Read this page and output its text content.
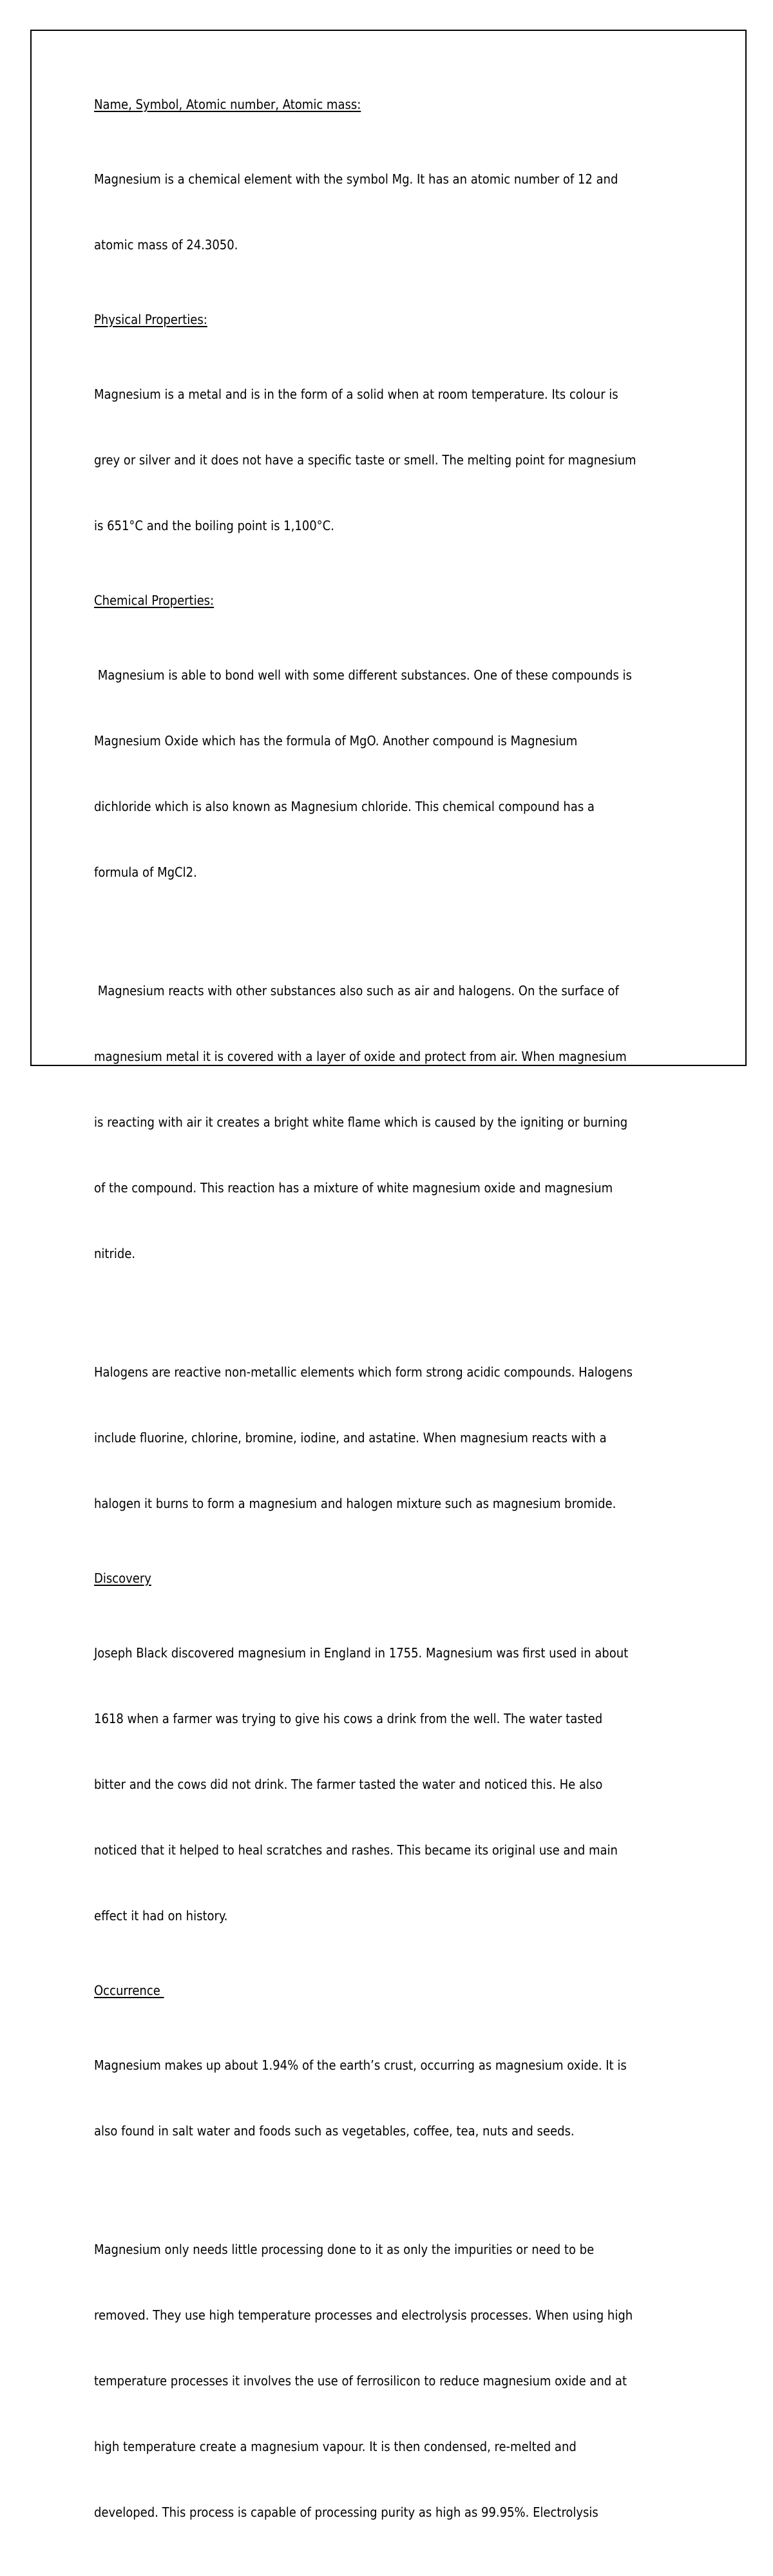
Name, Symbol, Atomic number, Atomic mass:

Magnesium is a chemical element with the symbol Mg. It has an atomic number of 12 and

atomic mass of 24.3050.

Physical Properties:

Magnesium is a metal and is in the form of a solid when at room temperature. Its colour is

grey or silver and it does not have a specific taste or smell. The melting point for magnesium

is 651°C and the boiling point is 1,100°C.

Chemical Properties:

Magnesium is able to bond well with some different substances. One of these compounds is

Magnesium Oxide which has the formula of MgO. Another compound is Magnesium

dichloride which is also known as Magnesium chloride. This chemical compound has a

formula of MgCl2.

Magnesium reacts with other substances also such as air and halogens. On the surface of

magnesium metal it is covered with a layer of oxide and protect from air. When magnesium

is reacting with air it creates a bright white flame which is caused by the igniting or burning

of the compound. This reaction has a mixture of white magnesium oxide and magnesium

nitride.

Halogens are reactive non-metallic elements which form strong acidic compounds. Halogens

include fluorine, chlorine, bromine, iodine, and astatine. When magnesium reacts with a

halogen it burns to form a magnesium and halogen mixture such as magnesium bromide.

Discovery

Joseph Black discovered magnesium in England in 1755. Magnesium was first used in about

1618 when a farmer was trying to give his cows a drink from the well. The water tasted

bitter and the cows did not drink. The farmer tasted the water and noticed this. He also

noticed that it helped to heal scratches and rashes. This became its original use and main

effect it had on history.

Occurrence

Magnesium makes up about 1.94% of the earth’s crust, occurring as magnesium oxide. It is

also found in salt water and foods such as vegetables, coffee, tea, nuts and seeds.

Magnesium only needs little processing done to it as only the impurities or need to be

removed. They use high temperature processes and electrolysis processes. When using high

temperature processes it involves the use of ferrosilicon to reduce magnesium oxide and at

high temperature create a magnesium vapour. It is then condensed, re-melted and

developed. This process is capable of processing purity as high as 99.95%. Electrolysis
